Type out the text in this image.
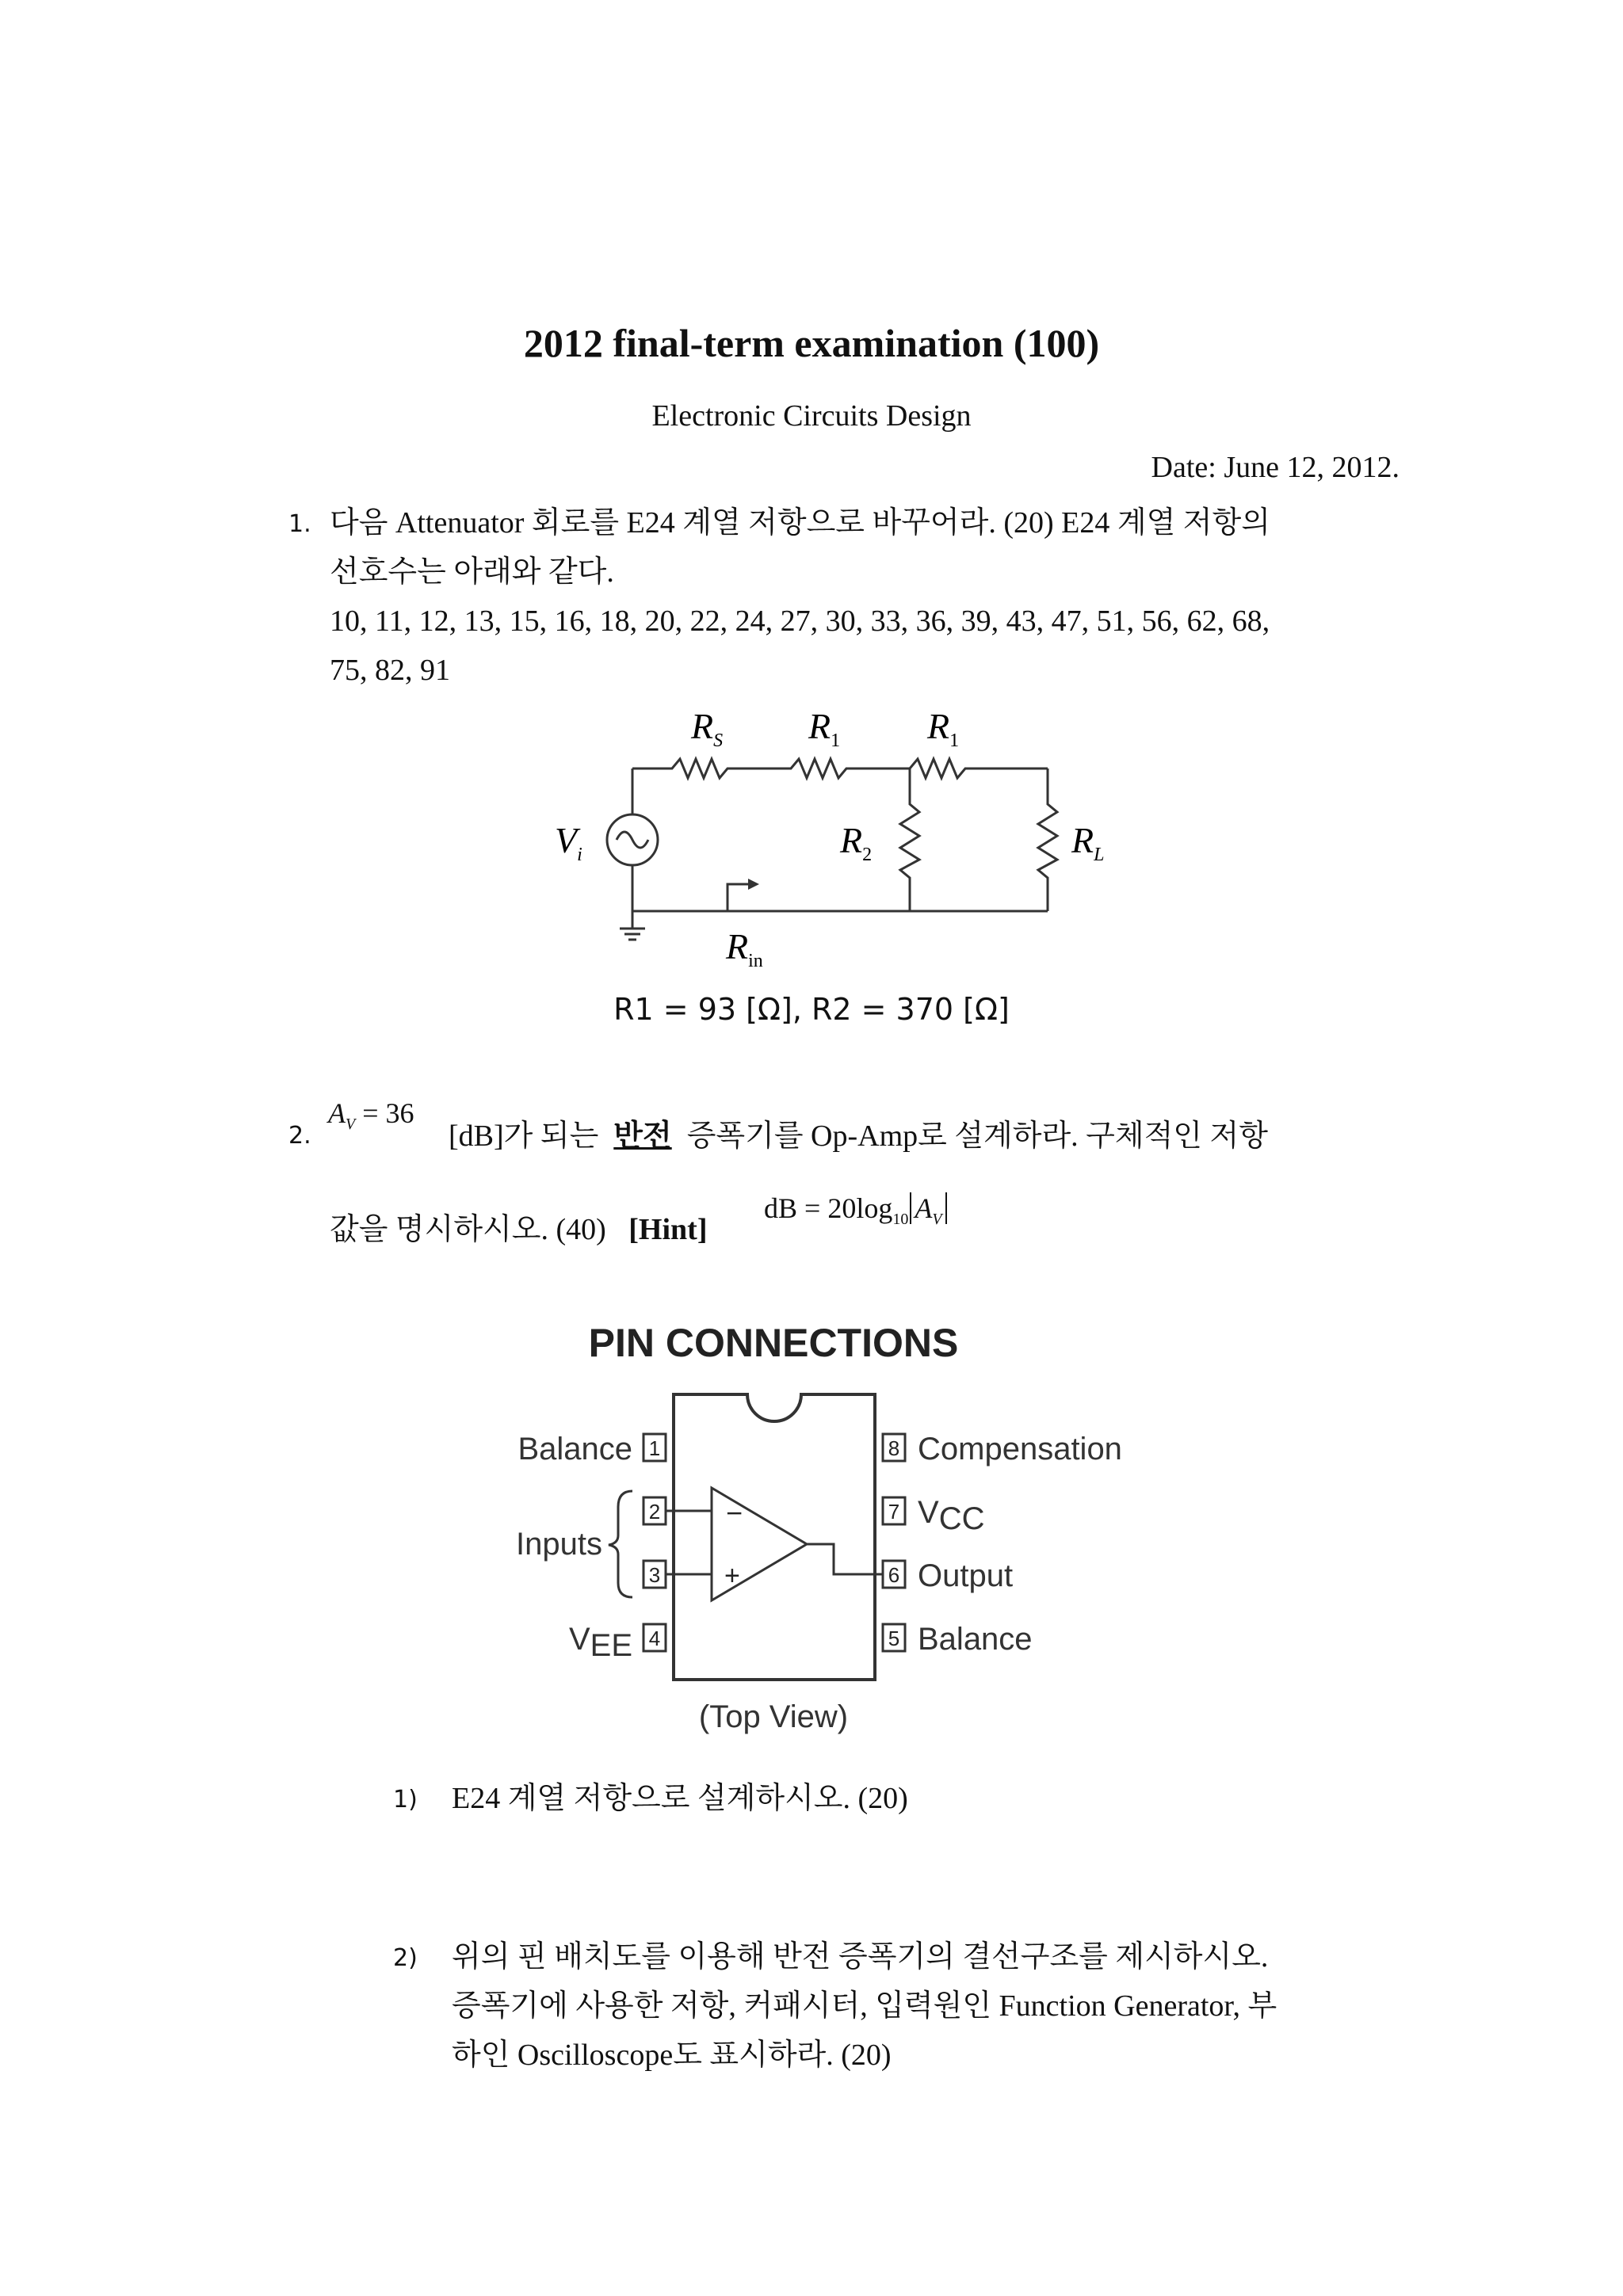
2012 final-term examination (100)
Electronic Circuits Design
Date: June 12, 2012.
1. 다음 Attenuator 회로를 E24 계열 저항으로 바꾸어라. (20) E24 계열 저항의
선호수는 아래와 같다.
10, 11, 12, 13, 15, 16, 18, 20, 22, 24, 27, 30, 33, 36, 39, 43, 47, 51, 56, 62, 68,
75, 82, 91
$R_S$ $R_1$ $R_1$
$V_i$	$R_2$	$R_L$
$R_{in}$
R1 = 93 [Ω], R2 = 370 [Ω]
2.
$A_V = 36$
[dB]가 되는 반전 증폭기를 Op-Amp로 설계하라. 구체적인 저항
값을 명시하시오. (40) [Hint]
dB = $20\log_{10}$ $A_V$
PIN CONNECTIONS
1
2
3
4
8
7
6
5
−
+
Balance
Inputs
VEE
Compensation
VCC
Output
Balance
(Top View)
1) E24 계열 저항으로 설계하시오. (20)
2) 위의 핀 배치도를 이용해 반전 증폭기의 결선구조를 제시하시오.
증폭기에 사용한 저항, 커패시터, 입력원인 Function Generator, 부
하인 Oscilloscope도 표시하라. (20)
